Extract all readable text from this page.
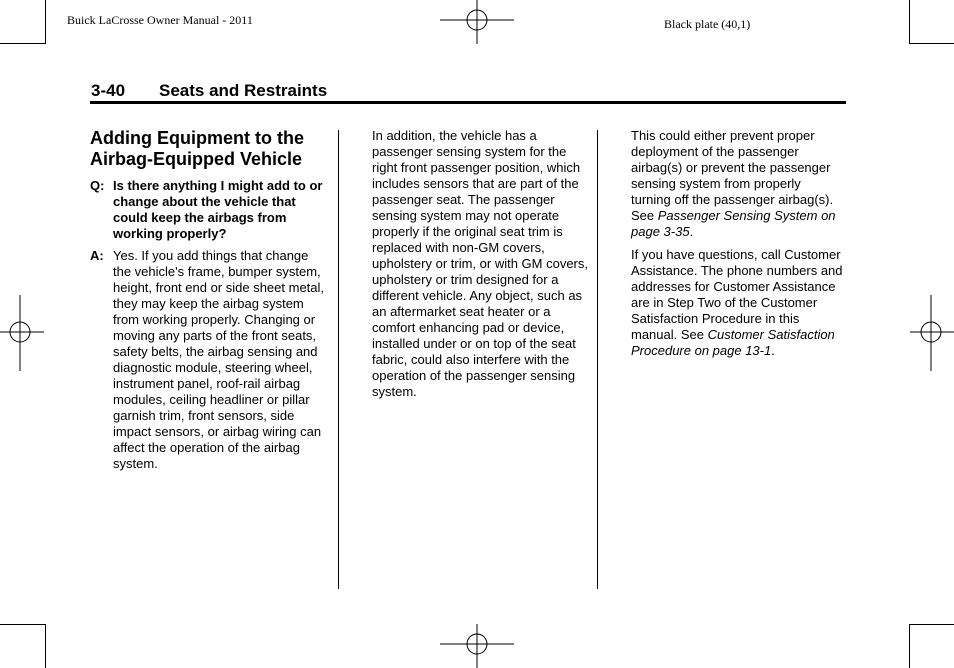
Buick LaCrosse Owner Manual - 2011	Black plate (40,1)
3-40 Seats and Restraints

Adding Equipment to the

Airbag-Equipped Vehicle

Q: Is there anything I might add to or change about the vehicle that could keep the airbags from working properly?
A: Yes. If you add things that change the vehicle's frame, bumper system, height, front end or side sheet metal, they may keep the airbag system from working properly. Changing or moving any parts of the front seats, safety belts, the airbag sensing and diagnostic module, steering wheel, instrument panel, roof-rail airbag modules, ceiling headliner or pillar garnish trim, front sensors, side impact sensors, or airbag wiring can affect the operation of the airbag system.

In addition, the vehicle has a passenger sensing system for the right front passenger position, which includes sensors that are part of the passenger seat. The passenger sensing system may not operate properly if the original seat trim is replaced with non-GM covers, upholstery or trim, or with GM covers, upholstery or trim designed for a different vehicle. Any object, such as an aftermarket seat heater or a comfort enhancing pad or device, installed under or on top of the seat fabric, could also interfere with the operation of the passenger sensing system.

This could either prevent proper deployment of the passenger airbag(s) or prevent the passenger sensing system from properly turning off the passenger airbag(s). See Passenger Sensing System on page 3-35.

If you have questions, call Customer Assistance. The phone numbers and addresses for Customer Assistance are in Step Two of the Customer Satisfaction Procedure in this manual. See Customer Satisfaction Procedure on page 13-1.
